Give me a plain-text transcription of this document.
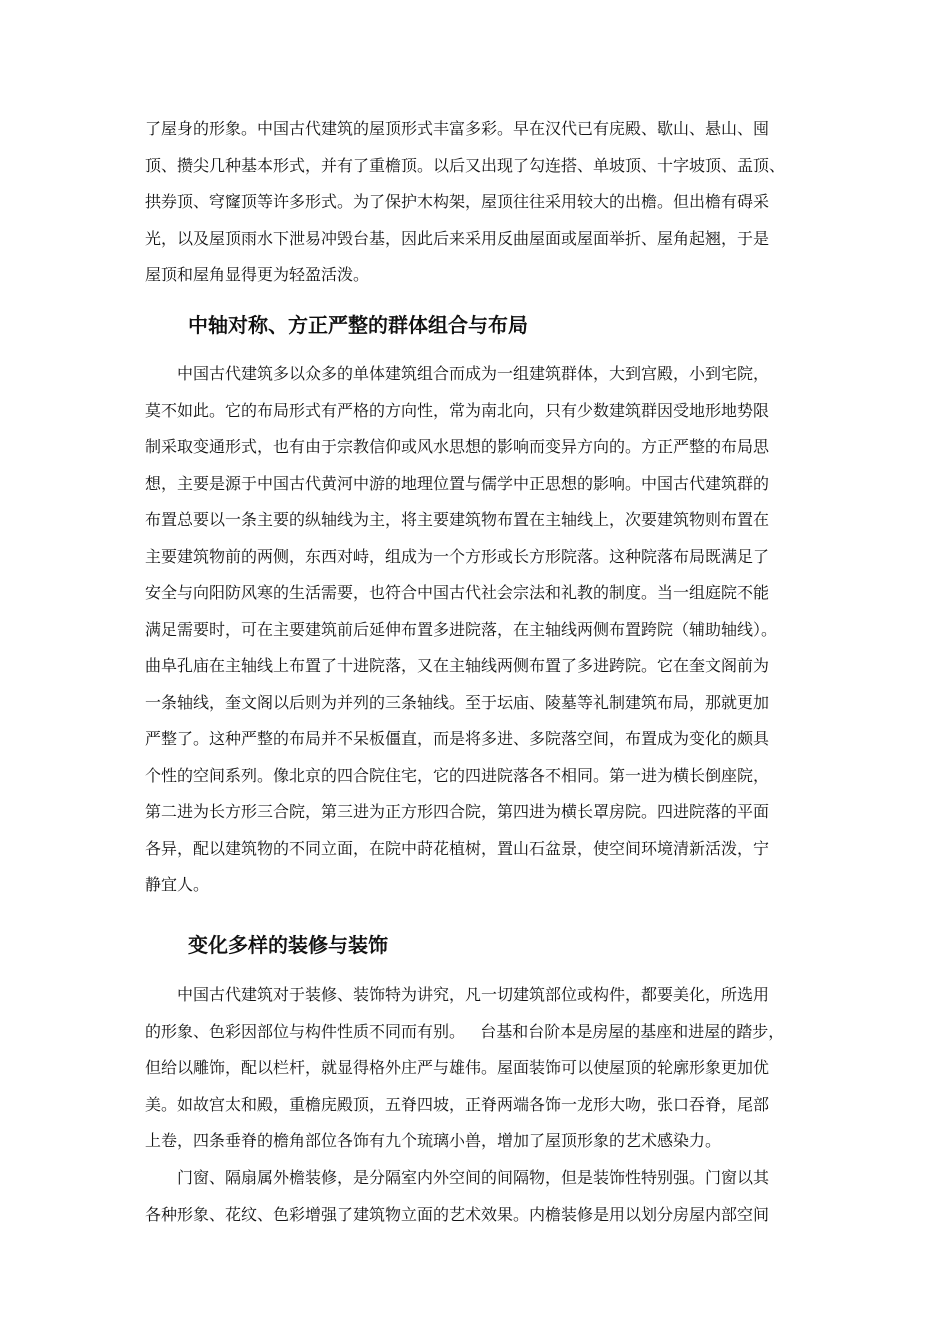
了屋身的形象。中国古代建筑的屋顶形式丰富多彩。早在汉代已有庑殿、歇山、悬山、囤
顶、攒尖几种基本形式，并有了重檐顶。以后又出现了勾连搭、单坡顶、十字坡顶、盂顶、
拱券顶、穹窿顶等许多形式。为了保护木构架，屋顶往往采用较大的出檐。但出檐有碍采
光，以及屋顶雨水下泄易冲毁台基，因此后来采用反曲屋面或屋面举折、屋角起翘，于是
屋顶和屋角显得更为轻盈活泼。
中轴对称、方正严整的群体组合与布局
中国古代建筑多以众多的单体建筑组合而成为一组建筑群体，大到宫殿，小到宅院，
莫不如此。它的布局形式有严格的方向性，常为南北向，只有少数建筑群因受地形地势限
制采取变通形式，也有由于宗教信仰或风水思想的影响而变异方向的。方正严整的布局思
想，主要是源于中国古代黄河中游的地理位置与儒学中正思想的影响。中国古代建筑群的
布置总要以一条主要的纵轴线为主，将主要建筑物布置在主轴线上，次要建筑物则布置在
主要建筑物前的两侧，东西对峙，组成为一个方形或长方形院落。这种院落布局既满足了
安全与向阳防风寒的生活需要，也符合中国古代社会宗法和礼教的制度。当一组庭院不能
满足需要时，可在主要建筑前后延伸布置多进院落，在主轴线两侧布置跨院（辅助轴线）。
曲阜孔庙在主轴线上布置了十进院落，又在主轴线两侧布置了多进跨院。它在奎文阁前为
一条轴线，奎文阁以后则为并列的三条轴线。至于坛庙、陵墓等礼制建筑布局，那就更加
严整了。这种严整的布局并不呆板僵直，而是将多进、多院落空间，布置成为变化的颇具
个性的空间系列。像北京的四合院住宅，它的四进院落各不相同。第一进为横长倒座院，
第二进为长方形三合院，第三进为正方形四合院，第四进为横长罩房院。四进院落的平面
各异，配以建筑物的不同立面，在院中莳花植树，置山石盆景，使空间环境清新活泼，宁
静宜人。
变化多样的装修与装饰
中国古代建筑对于装修、装饰特为讲究，凡一切建筑部位或构件，都要美化，所选用
的形象、色彩因部位与构件性质不同而有别。   台基和台阶本是房屋的基座和进屋的踏步，
但给以雕饰，配以栏杆，就显得格外庄严与雄伟。屋面装饰可以使屋顶的轮廓形象更加优
美。如故宫太和殿，重檐庑殿顶，五脊四坡，正脊两端各饰一龙形大吻，张口吞脊，尾部
上卷，四条垂脊的檐角部位各饰有九个琉璃小兽，增加了屋顶形象的艺术感染力。
门窗、隔扇属外檐装修，是分隔室内外空间的间隔物，但是装饰性特别强。门窗以其
各种形象、花纹、色彩增强了建筑物立面的艺术效果。内檐装修是用以划分房屋内部空间
